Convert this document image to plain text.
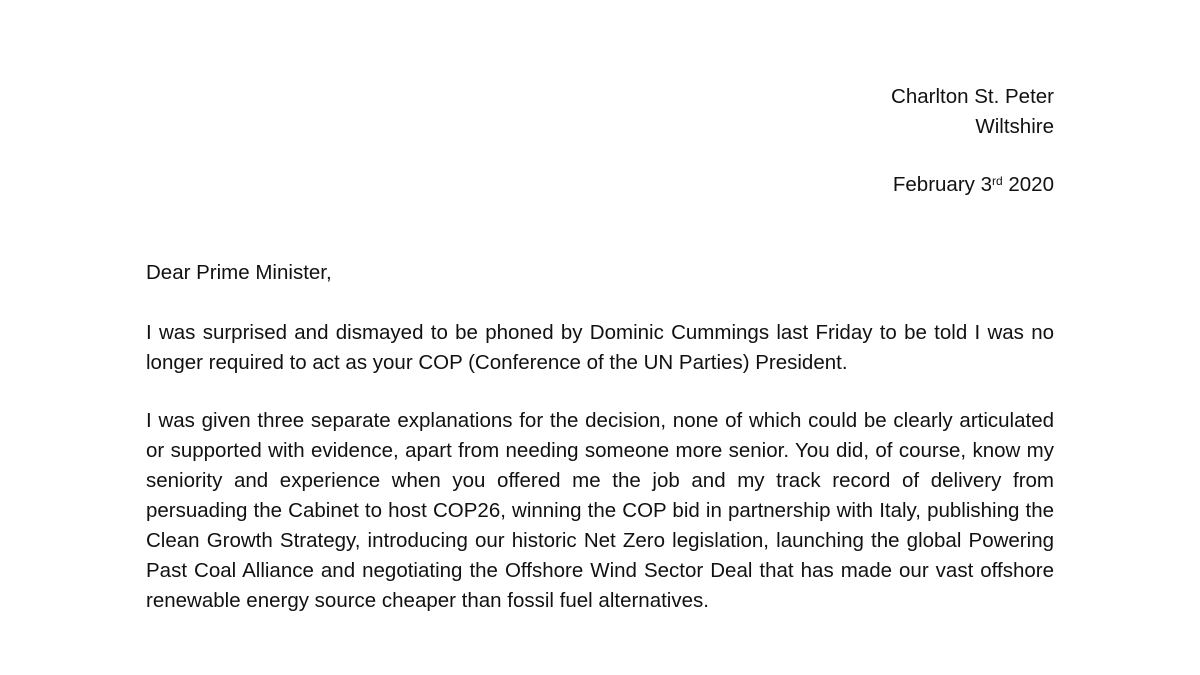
Charlton St. Peter
Wiltshire
February 3rd 2020
Dear Prime Minister,
I was surprised and dismayed to be phoned by Dominic Cummings last Friday to be told I was no longer required to act as your COP (Conference of the UN Parties) President.
I was given three separate explanations for the decision, none of which could be clearly articulated or supported with evidence, apart from needing someone more senior. You did, of course, know my seniority and experience when you offered me the job and my track record of delivery from persuading the Cabinet to host COP26, winning the COP bid in partnership with Italy, publishing the Clean Growth Strategy, introducing our historic Net Zero legislation, launching the global Powering Past Coal Alliance and negotiating the Offshore Wind Sector Deal that has made our vast offshore renewable energy source cheaper than fossil fuel alternatives.
